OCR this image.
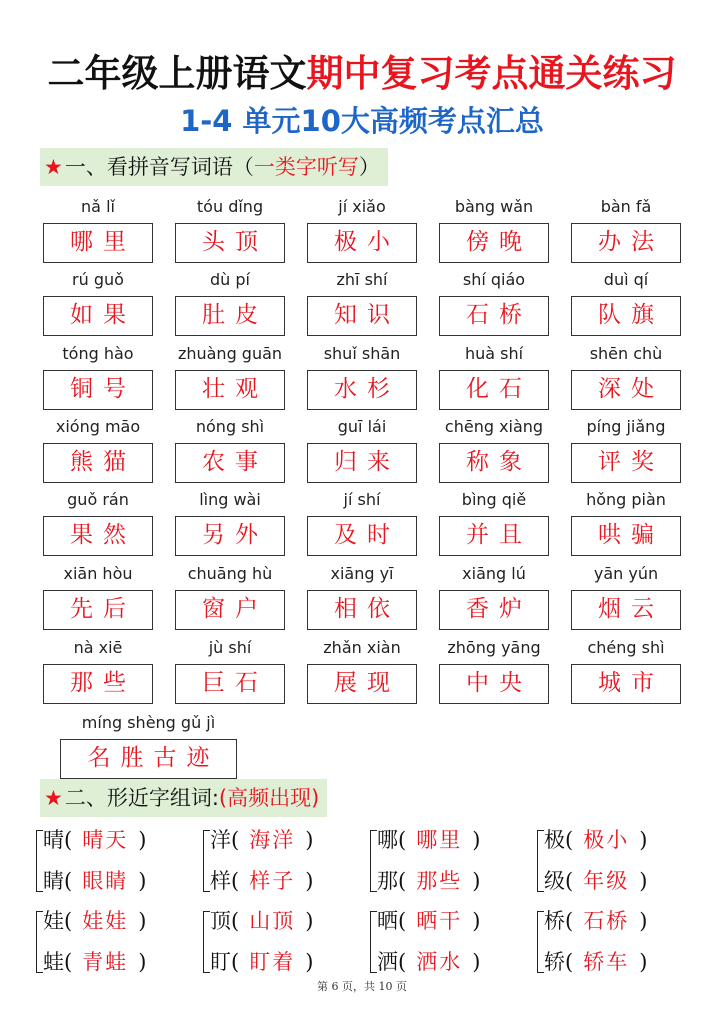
二年级上册语文期中复习考点通关练习
1-4 单元10大高频考点汇总
★一、看拼音写词语（一类字听写）
nǎ lǐ
哪里
tóu dǐng
头顶
jí xiǎo
极小
bàng wǎn
傍晚
bàn fǎ
办法
rú guǒ
如果
dù pí
肚皮
zhī shí
知识
shí qiáo
石桥
duì qí
队旗
tóng hào
铜号
zhuàng guān
壮观
shuǐ shān
水杉
huà shí
化石
shēn chù
深处
xióng māo
熊猫
nóng shì
农事
guī lái
归来
chēng xiàng
称象
píng jiǎng
评奖
guǒ rán
果然
lìng wài
另外
jí shí
及时
bìng qiě
并且
hǒng piàn
哄骗
xiān hòu
先后
chuāng hù
窗户
xiāng yī
相依
xiāng lú
香炉
yān yún
烟云
nà xiē
那些
jù shí
巨石
zhǎn xiàn
展现
zhōng yāng
中央
chéng shì
城市
míng shèng gǔ jì
名胜古迹
★二、形近字组词:(高频出现)
晴( 晴天 )
睛( 眼睛 )
洋( 海洋 )
样( 样子 )
哪( 哪里 )
那( 那些 )
极( 极小 )
级( 年级 )
娃( 娃娃 )
蛙( 青蛙 )
顶( 山顶 )
盯( 盯着 )
晒( 晒干 )
洒( 洒水 )
桥( 石桥 )
轿( 轿车 )
第 6 页，共 10 页
